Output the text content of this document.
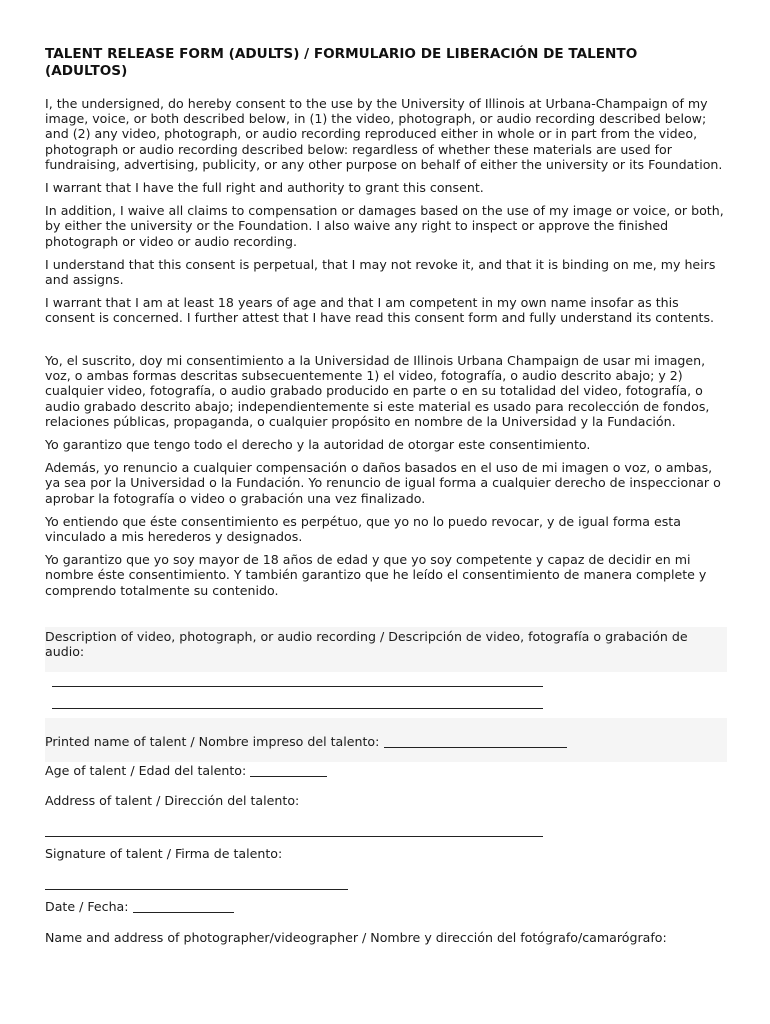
TALENT RELEASE FORM (ADULTS) / FORMULARIO DE LIBERACIÓN DE TALENTO (ADULTOS)

I, the undersigned, do hereby consent to the use by the University of Illinois at Urbana-Champaign of my image, voice, or both described below, in (1) the video, photograph, or audio recording described below; and (2) any video, photograph, or audio recording reproduced either in whole or in part from the video, photograph or audio recording described below: regardless of whether these materials are used for fundraising, advertising, publicity, or any other purpose on behalf of either the university or its Foundation.

I warrant that I have the full right and authority to grant this consent.

In addition, I waive all claims to compensation or damages based on the use of my image or voice, or both, by either the university or the Foundation. I also waive any right to inspect or approve the finished photograph or video or audio recording.

I understand that this consent is perpetual, that I may not revoke it, and that it is binding on me, my heirs and assigns.

I warrant that I am at least 18 years of age and that I am competent in my own name insofar as this consent is concerned. I further attest that I have read this consent form and fully understand its contents.

Yo, el suscrito, doy mi consentimiento a la Universidad de Illinois Urbana Champaign de usar mi imagen, voz, o ambas formas descritas subsecuentemente 1) el video, fotografía, o audio descrito abajo; y 2) cualquier video, fotografía, o audio grabado producido en parte o en su totalidad del video, fotografía, o audio grabado descrito abajo; independientemente si este material es usado para recolección de fondos, relaciones públicas, propaganda, o cualquier propósito en nombre de la Universidad y la Fundación.

Yo garantizo que tengo todo el derecho y la autoridad de otorgar este consentimiento.

Además, yo renuncio a cualquier compensación o daños basados en el uso de mi imagen o voz, o ambas, ya sea por la Universidad o la Fundación. Yo renuncio de igual forma a cualquier derecho de inspeccionar o aprobar la fotografía o video o grabación una vez finalizado.

Yo entiendo que éste consentimiento es perpétuo, que yo no lo puedo revocar, y de igual forma esta vinculado a mis herederos y designados.

Yo garantizo que yo soy mayor de 18 años de edad y que yo soy competente y capaz de decidir en mi nombre éste consentimiento. Y también garantizo que he leído el consentimiento de manera complete y comprendo totalmente su contenido.

Description of video, photograph, or audio recording / Descripción de video, fotografía o grabación de audio:
Printed name of talent / Nombre impreso del talento:
Age of talent / Edad del talento:
Address of talent / Dirección del talento:
Signature of talent / Firma de talento:
Date / Fecha:
Name and address of photographer/videographer / Nombre y dirección del fotógrafo/camarógrafo:
